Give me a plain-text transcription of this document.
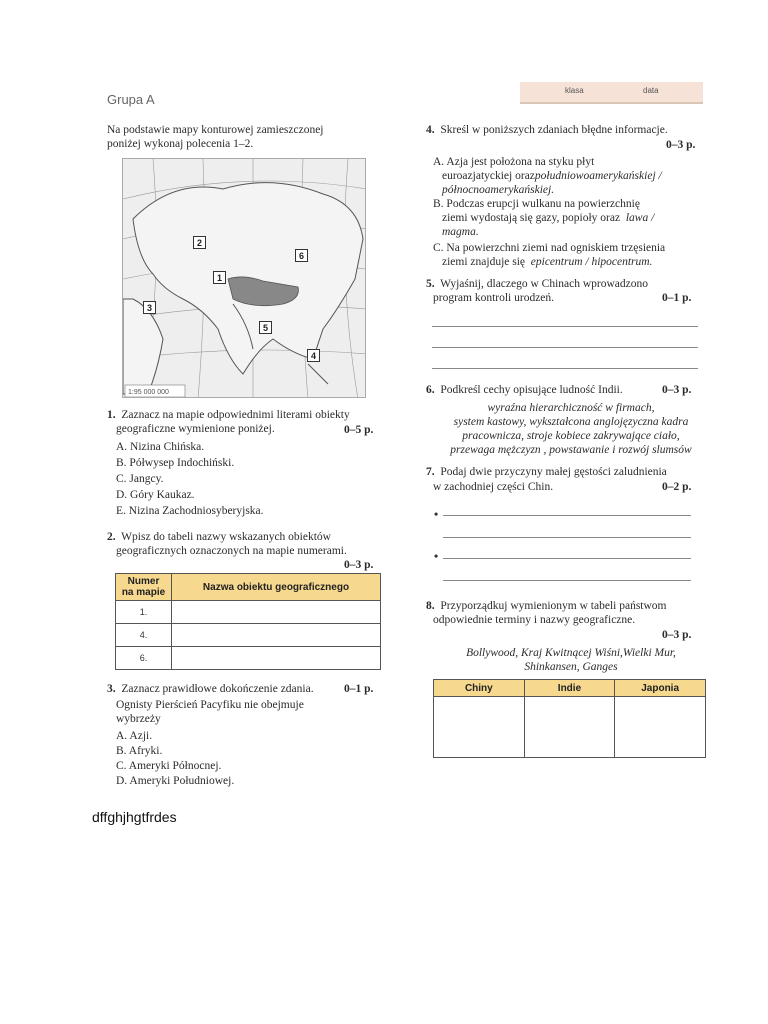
Grupa A
klasa	data
Na podstawie mapy konturowej zamieszczonej
poniżej wykonaj polecenia 1–2.
1:95 000 000
2
6
1
3
5
4
1. Zaznacz na mapie odpowiednimi literami obiekty
geograficzne wymienione poniżej.	0–5 p.
A. Nizina Chińska.
B. Półwysep Indochiński.
C. Jangcy.
D. Góry Kaukaz.
E. Nizina Zachodniosyberyjska.
2. Wpisz do tabeli nazwy wskazanych obiektów
geograficznych oznaczonych na mapie numerami.
0–3 p.
Numer
na mapie	Nazwa obiektu geograficznego
1.	
4.	
6.	
3. Zaznacz prawidłowe dokończenie zdania.	0–1 p.
Ognisty Pierścień Pacyfiku nie obejmuje
wybrzeży
A. Azji.
B. Afryki.
C. Ameryki Północnej.
D. Ameryki Południowej.
4. Skreśl w poniższych zdaniach błędne informacje.
0–3 p.
A. Azja jest położona na styku płyt
euroazjatyckiej orazpołudniowoamerykańskiej /
północnoamerykańskiej.
B. Podczas erupcji wulkanu na powierzchnię
ziemi wydostają się gazy, popioły oraz lawa /
magma.
C. Na powierzchni ziemi nad ogniskiem trzęsienia
ziemi znajduje się epicentrum / hipocentrum.
5. Wyjaśnij, dlaczego w Chinach wprowadzono
program kontroli urodzeń.	0–1 p.
6. Podkreśl cechy opisujące ludność Indii.	0–3 p.
wyraźna hierarchiczność w firmach,
system kastowy, wykształcona anglojęzyczna kadra
pracownicza, stroje kobiece zakrywające ciało,
przewaga mężczyzn , powstawanie i rozwój slumsów
7. Podaj dwie przyczyny małej gęstości zaludnienia
w zachodniej części Chin.	0–2 p.
•
•
8. Przyporządkuj wymienionym w tabeli państwom
odpowiednie terminy i nazwy geograficzne.
0–3 p.
Bollywood, Kraj Kwitnącej Wiśni,Wielki Mur,
Shinkansen, Ganges
Chiny	Indie	Japonia

dffghjhgtfrdes
